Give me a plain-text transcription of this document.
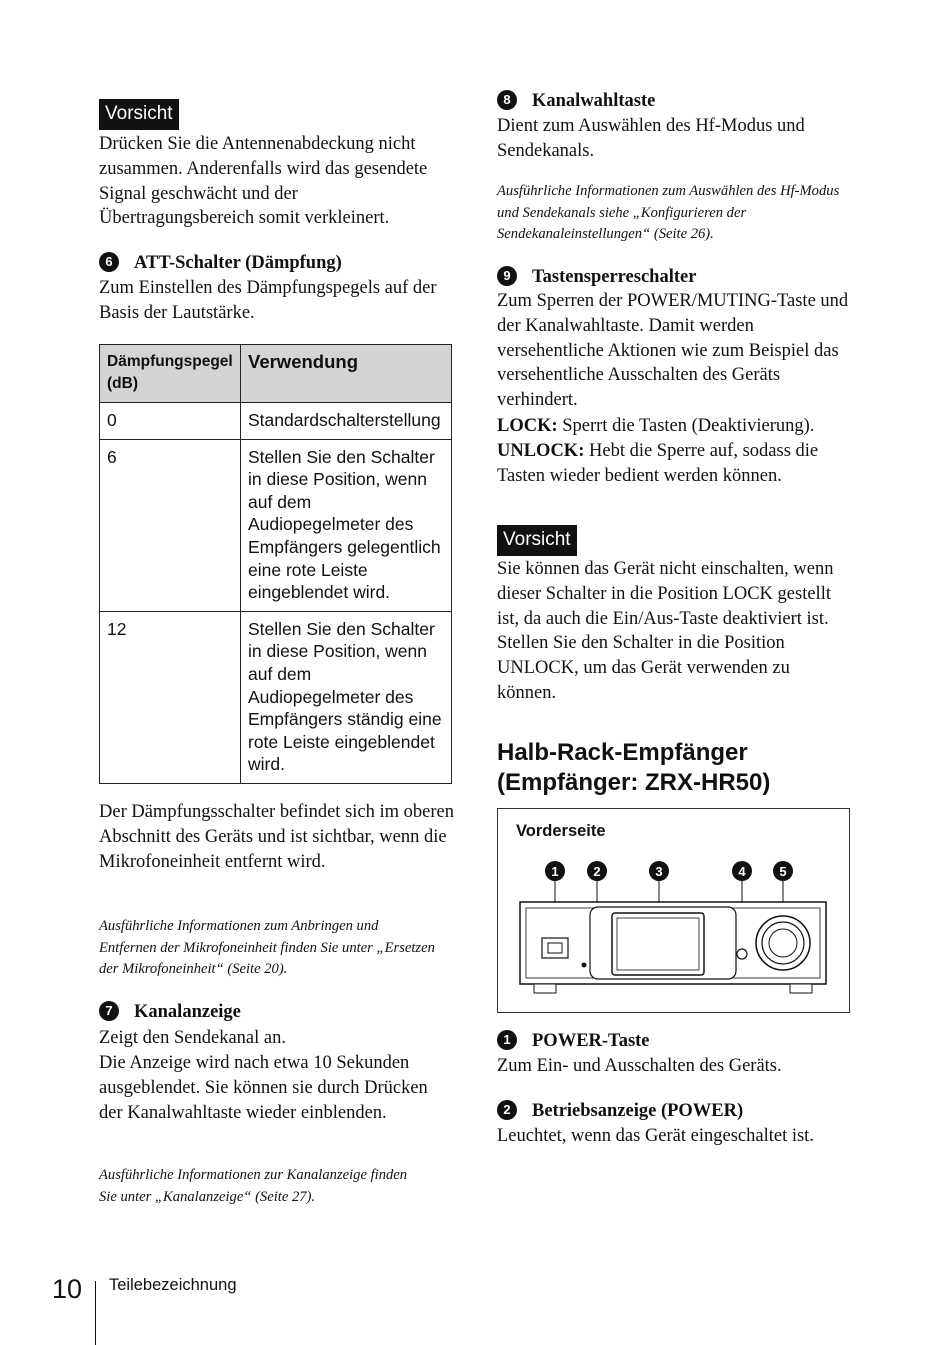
Vorsicht

Drücken Sie die Antennenabdeckung nicht zusammen. Anderenfalls wird das gesendete Signal geschwächt und der Übertragungsbereich somit verkleinert.

6 ATT-Schalter (Dämpfung)

Zum Einstellen des Dämpfungspegels auf der Basis der Lautstärke.

Dämpfungspegel (dB)	Verwendung
0	Standardschalterstellung
6	Stellen Sie den Schalter in diese Position, wenn auf dem Audiopegelmeter des Empfängers gelegentlich eine rote Leiste eingeblendet wird.
12	Stellen Sie den Schalter in diese Position, wenn auf dem Audiopegelmeter des Empfängers ständig eine rote Leiste eingeblendet wird.

Der Dämpfungsschalter befindet sich im oberen Abschnitt des Geräts und ist sichtbar, wenn die Mikrofoneinheit entfernt wird.

Ausführliche Informationen zum Anbringen und Entfernen der Mikrofoneinheit finden Sie unter „Ersetzen der Mikrofoneinheit“ (Seite 20).

7 Kanalanzeige

Zeigt den Sendekanal an.

Die Anzeige wird nach etwa 10 Sekunden ausgeblendet. Sie können sie durch Drücken der Kanalwahltaste wieder einblenden.

Ausführliche Informationen zur Kanalanzeige finden Sie unter „Kanalanzeige“ (Seite 27).

8 Kanalwahltaste

Dient zum Auswählen des Hf-Modus und Sendekanals.

Ausführliche Informationen zum Auswählen des Hf-Modus und Sendekanals siehe „Konfigurieren der Sendekanaleinstellungen“ (Seite 26).

9 Tastensperreschalter

Zum Sperren der POWER/MUTING-Taste und der Kanalwahltaste. Damit werden versehentliche Aktionen wie zum Beispiel das versehentliche Ausschalten des Geräts verhindert.

LOCK: Sperrt die Tasten (Deaktivierung).

UNLOCK: Hebt die Sperre auf, sodass die Tasten wieder bedient werden können.

Vorsicht

Sie können das Gerät nicht einschalten, wenn dieser Schalter in die Position LOCK gestellt ist, da auch die Ein/Aus-Taste deaktiviert ist. Stellen Sie den Schalter in die Position UNLOCK, um das Gerät verwenden zu können.

Halb-Rack-Empfänger

(Empfänger: ZRX-HR50)

Vorderseite
1	2	3	4	5

1 POWER-Taste

Zum Ein- und Ausschalten des Geräts.

2 Betriebsanzeige (POWER)

Leuchtet, wenn das Gerät eingeschaltet ist.

10 Teilebezeichnung
